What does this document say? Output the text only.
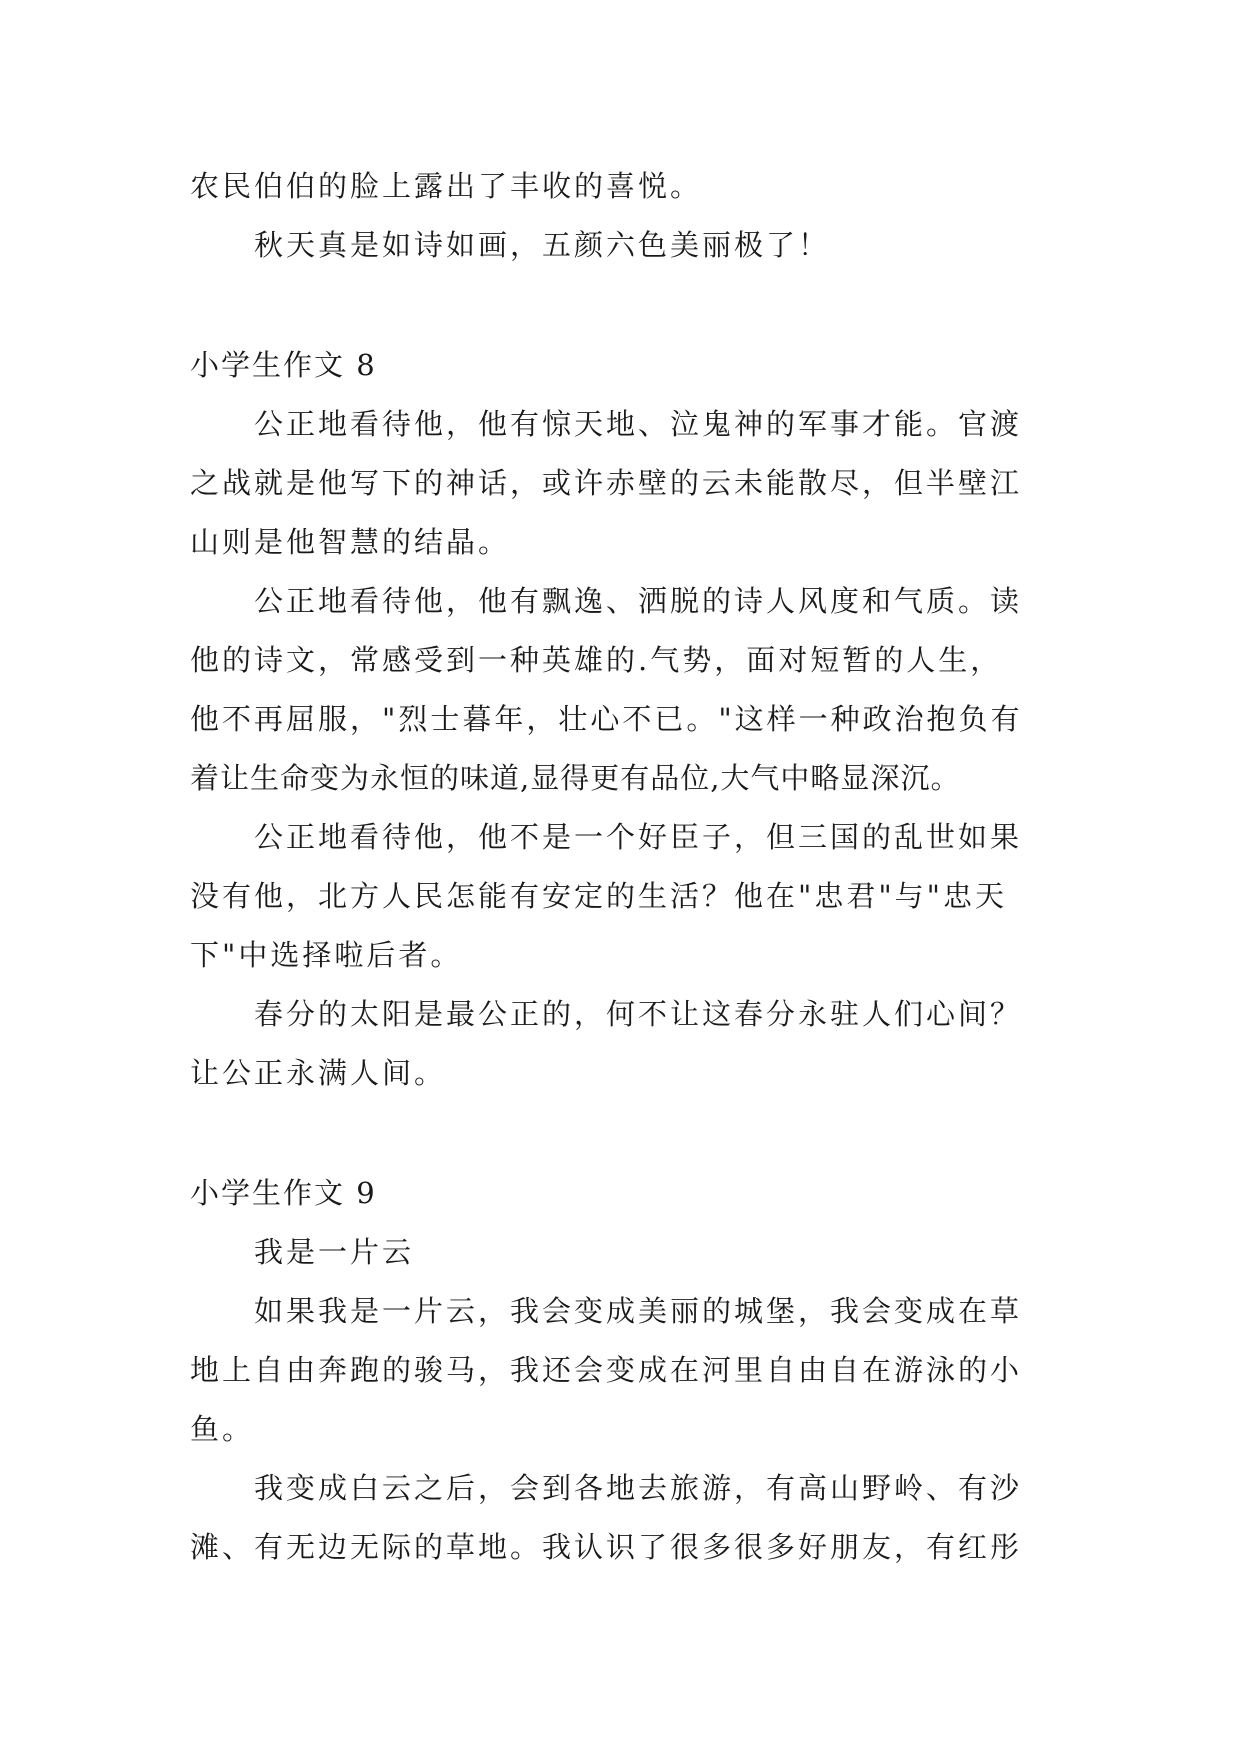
农民伯伯的脸上露出了丰收的喜悦。
秋天真是如诗如画，五颜六色美丽极了！
小学生作文 8
公正地看待他，他有惊天地、泣鬼神的军事才能。官渡
之战就是他写下的神话，或许赤壁的云未能散尽，但半壁江
山则是他智慧的结晶。
公正地看待他，他有飘逸、洒脱的诗人风度和气质。读
他的诗文，常感受到一种英雄的.气势，面对短暂的人生，
他不再屈服，"烈士暮年，壮心不已。"这样一种政治抱负有
着让生命变为永恒的味道,显得更有品位,大气中略显深沉。
公正地看待他，他不是一个好臣子，但三国的乱世如果
没有他，北方人民怎能有安定的生活？他在"忠君"与"忠天
下"中选择啦后者。
春分的太阳是最公正的，何不让这春分永驻人们心间？
让公正永满人间。
小学生作文 9
我是一片云
如果我是一片云，我会变成美丽的城堡，我会变成在草
地上自由奔跑的骏马，我还会变成在河里自由自在游泳的小
鱼。
我变成白云之后，会到各地去旅游，有高山野岭、有沙
滩、有无边无际的草地。我认识了很多很多好朋友，有红彤
